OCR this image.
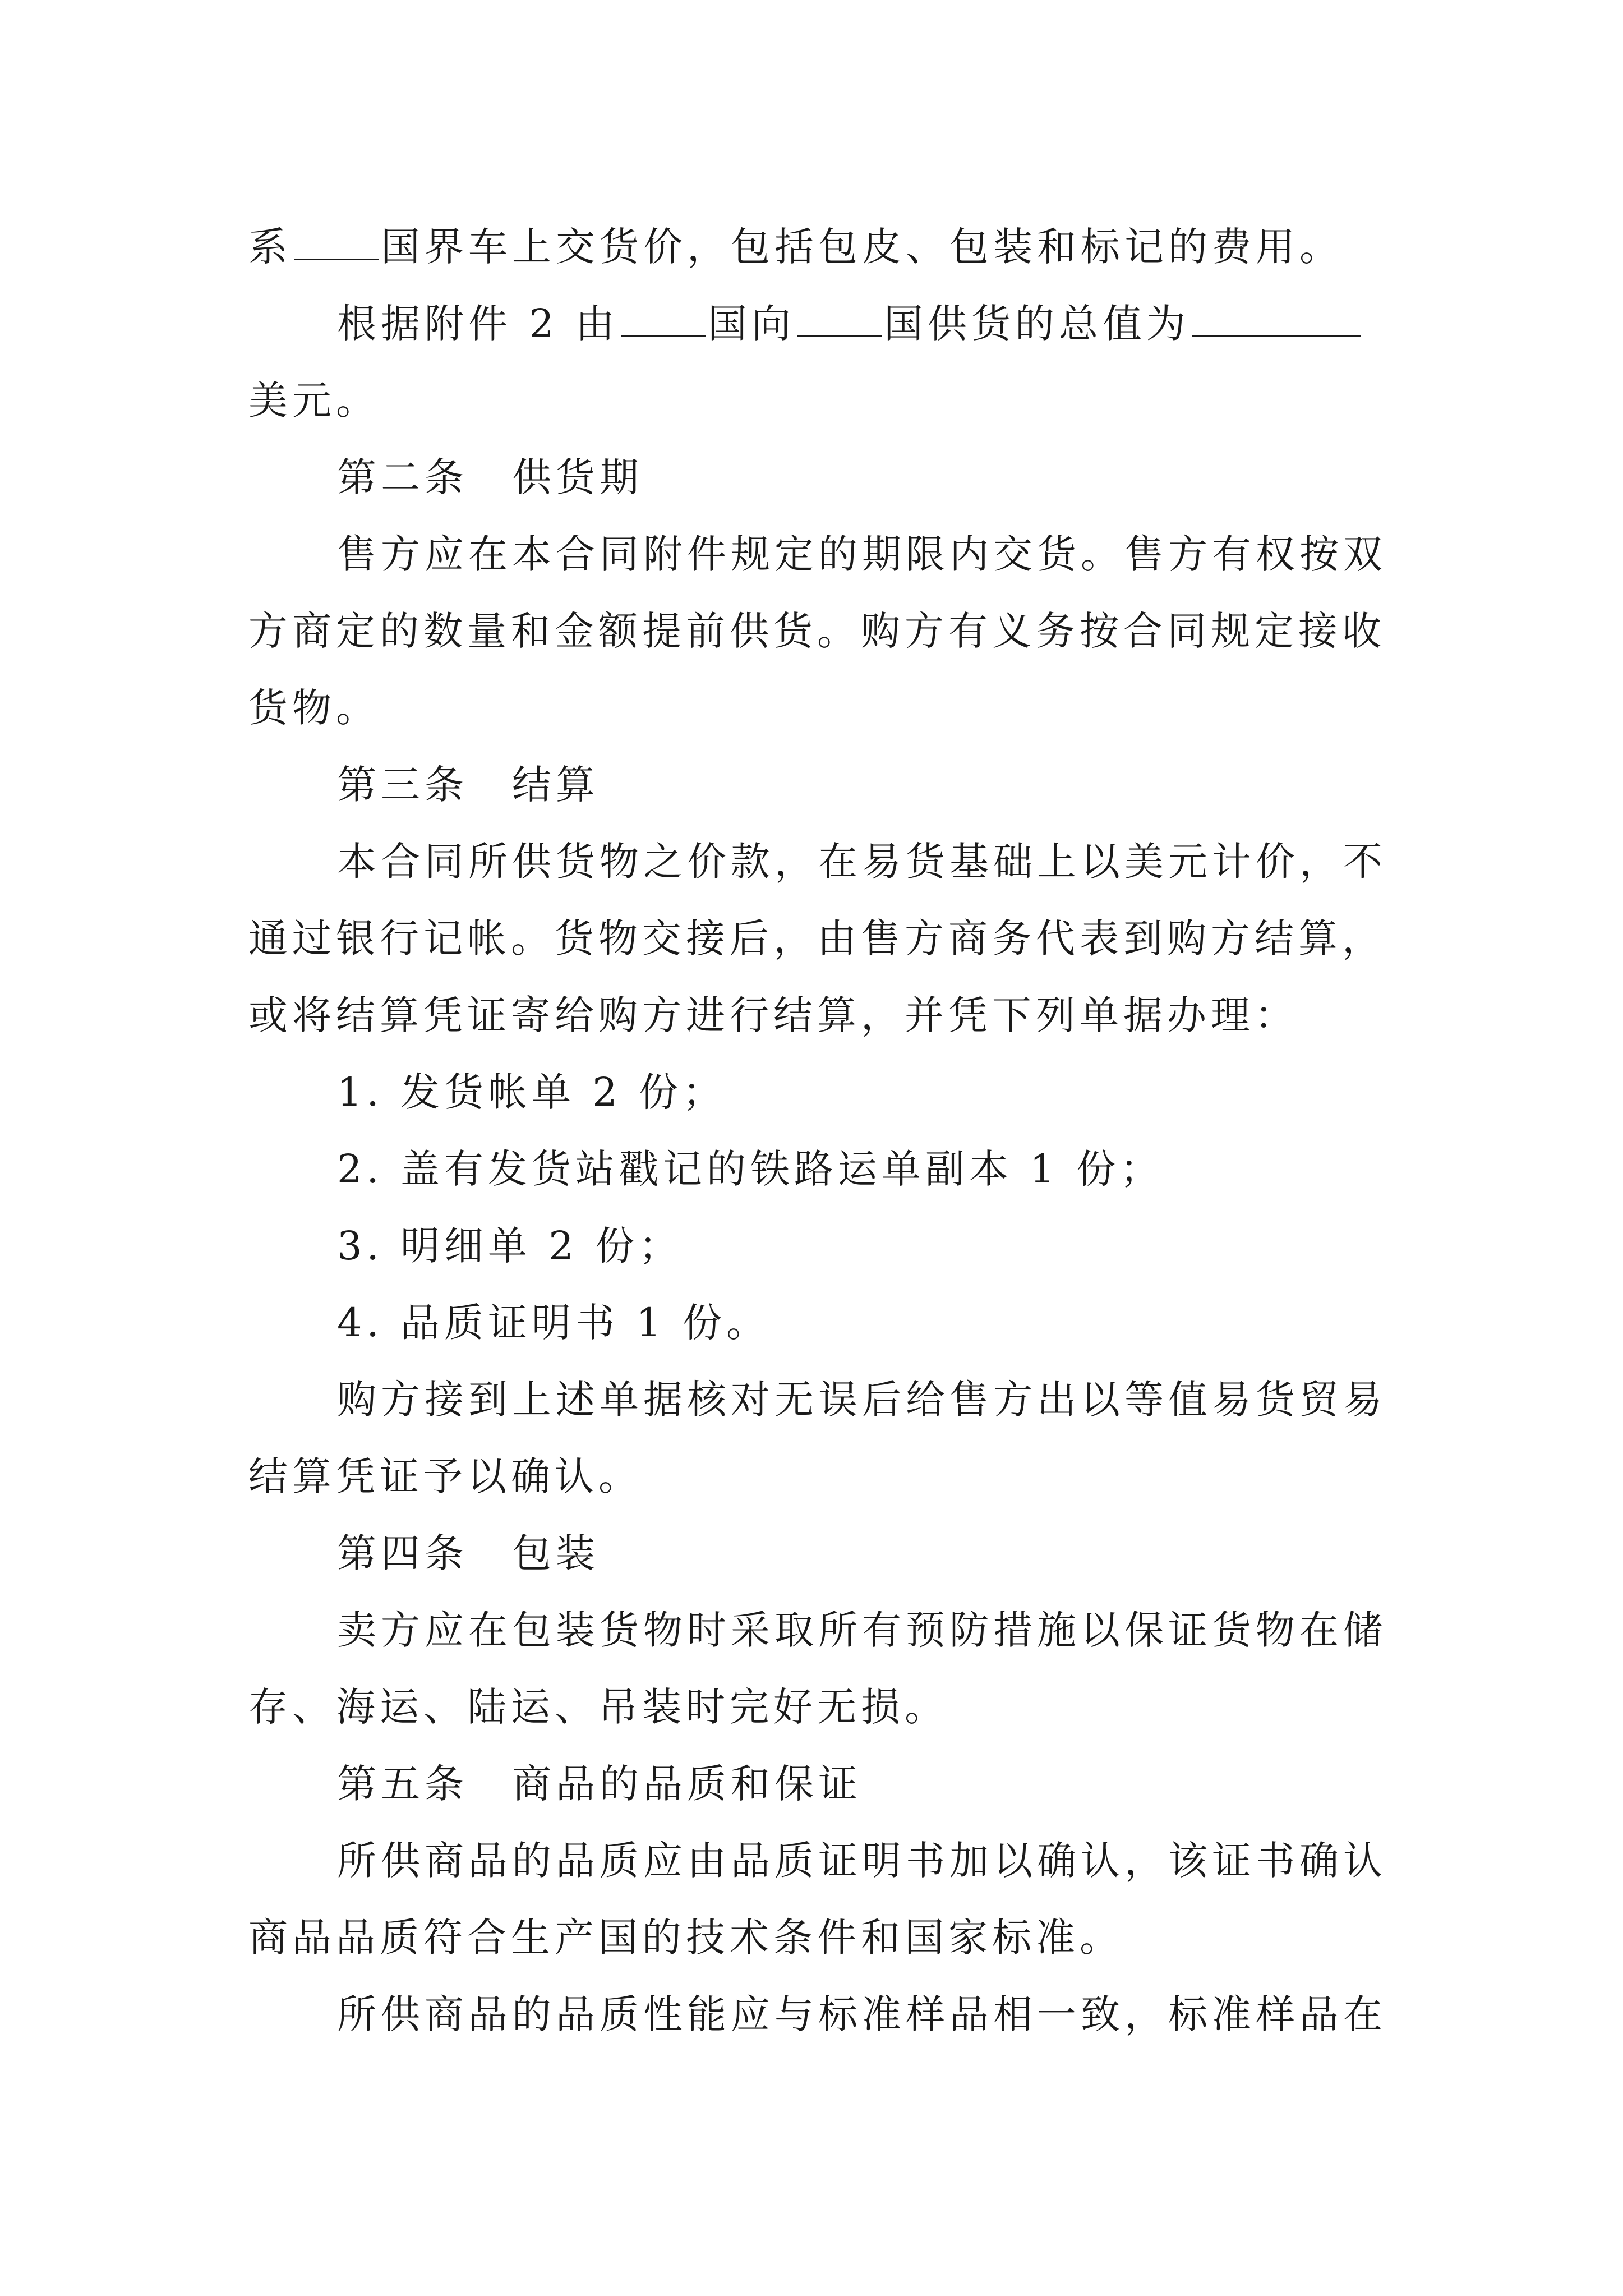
系 国界车上交货价，包括包皮、包装和标记的费用。

根据附件 2 由 国向 国供货的总值为美元。

第二条　供货期

售方应在本合同附件规定的期限内交货。售方有权按双方商定的数量和金额提前供货。购方有义务按合同规定接收货物。

第三条　结算

本合同所供货物之价款，在易货基础上以美元计价，不通过银行记帐。货物交接后，由售方商务代表到购方结算，或将结算凭证寄给购方进行结算，并凭下列单据办理：

1. 发货帐单 2 份；

2. 盖有发货站戳记的铁路运单副本 1 份；

3. 明细单 2 份；

4. 品质证明书 1 份。

购方接到上述单据核对无误后给售方出以等值易货贸易结算凭证予以确认。

第四条　包装

卖方应在包装货物时采取所有预防措施以保证货物在储存、海运、陆运、吊装时完好无损。

第五条　商品的品质和保证

所供商品的品质应由品质证明书加以确认，该证书确认商品品质符合生产国的技术条件和国家标准。

所供商品的品质性能应与标准样品相一致，标准样品在
